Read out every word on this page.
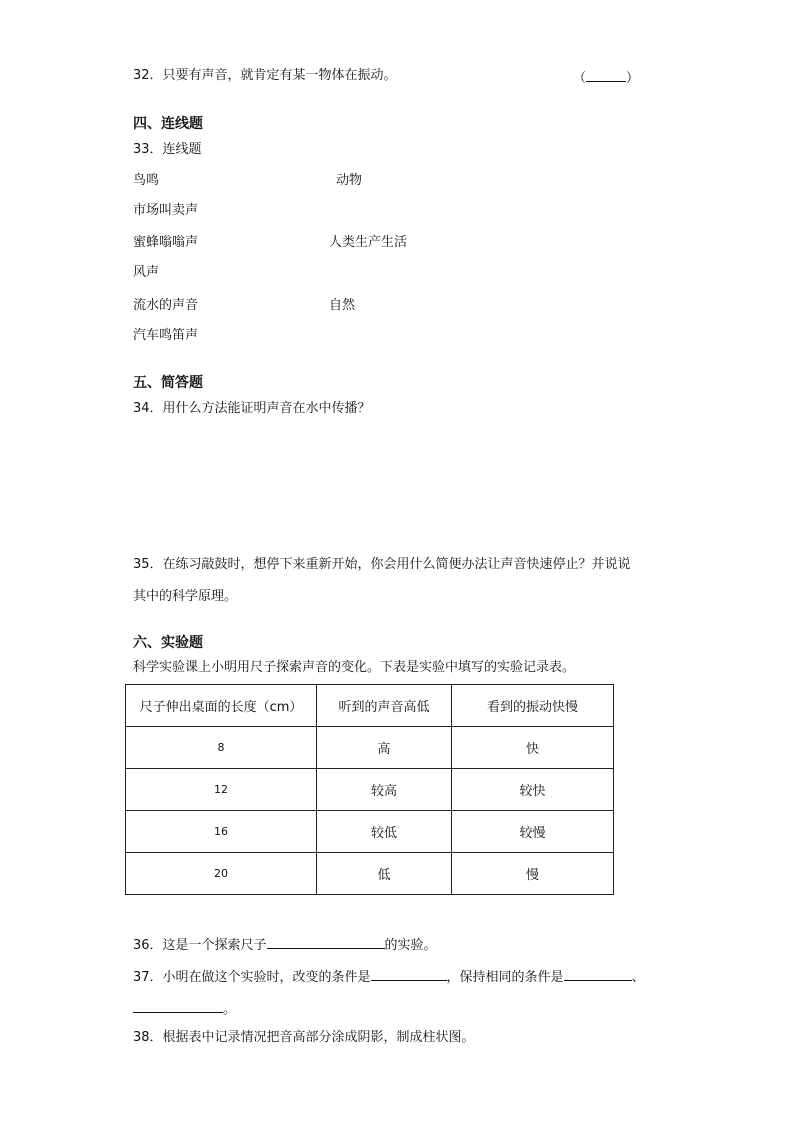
32．只要有声音，就肯定有某一物体在振动。	（	）
四、连线题
33．连线题
鸟鸣
市场叫卖声
蜜蜂嗡嗡声
风声
流水的声音
汽车鸣笛声
动物
人类生产生活
自然
五、简答题
34．用什么方法能证明声音在水中传播？
35．在练习敲鼓时，想停下来重新开始，你会用什么简便办法让声音快速停止？并说说
其中的科学原理。
六、实验题
科学实验课上小明用尺子探索声音的变化。下表是实验中填写的实验记录表。
尺子伸出桌面的长度（cm）	听到的声音高低	看到的振动快慢
8	高	快
12	较高	较快
16	较低	较慢
20	低	慢
36．这是一个探索尺子	的实验。
37．小明在做这个实验时，改变的条件是	，保持相同的条件是	、
。
38．根据表中记录情况把音高部分涂成阴影，制成柱状图。
